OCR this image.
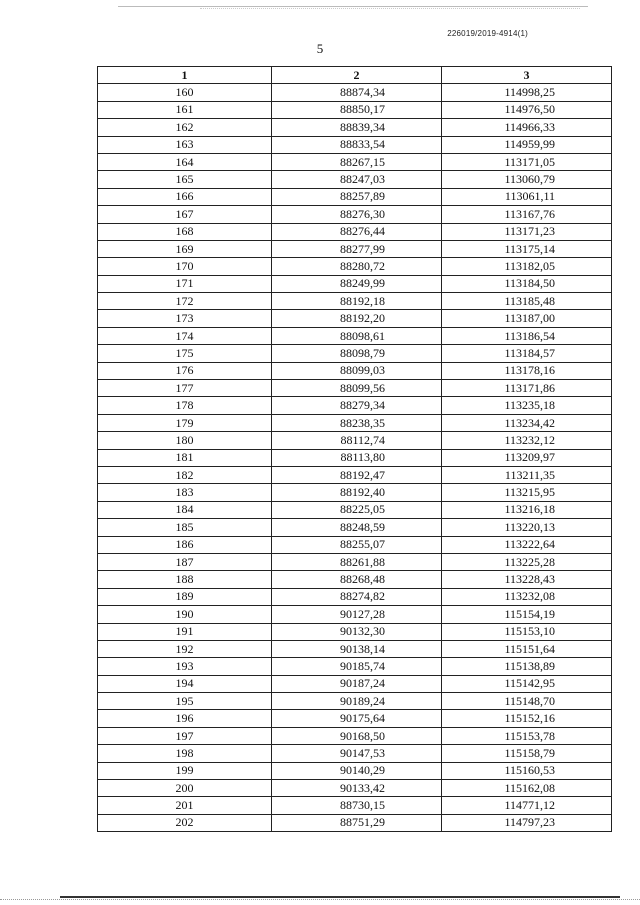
226019/2019-4914(1)
5
1	2	3
160	88874,34	114998,25
161	88850,17	114976,50
162	88839,34	114966,33
163	88833,54	114959,99
164	88267,15	113171,05
165	88247,03	113060,79
166	88257,89	113061,11
167	88276,30	113167,76
168	88276,44	113171,23
169	88277,99	113175,14
170	88280,72	113182,05
171	88249,99	113184,50
172	88192,18	113185,48
173	88192,20	113187,00
174	88098,61	113186,54
175	88098,79	113184,57
176	88099,03	113178,16
177	88099,56	113171,86
178	88279,34	113235,18
179	88238,35	113234,42
180	88112,74	113232,12
181	88113,80	113209,97
182	88192,47	113211,35
183	88192,40	113215,95
184	88225,05	113216,18
185	88248,59	113220,13
186	88255,07	113222,64
187	88261,88	113225,28
188	88268,48	113228,43
189	88274,82	113232,08
190	90127,28	115154,19
191	90132,30	115153,10
192	90138,14	115151,64
193	90185,74	115138,89
194	90187,24	115142,95
195	90189,24	115148,70
196	90175,64	115152,16
197	90168,50	115153,78
198	90147,53	115158,79
199	90140,29	115160,53
200	90133,42	115162,08
201	88730,15	114771,12
202	88751,29	114797,23
